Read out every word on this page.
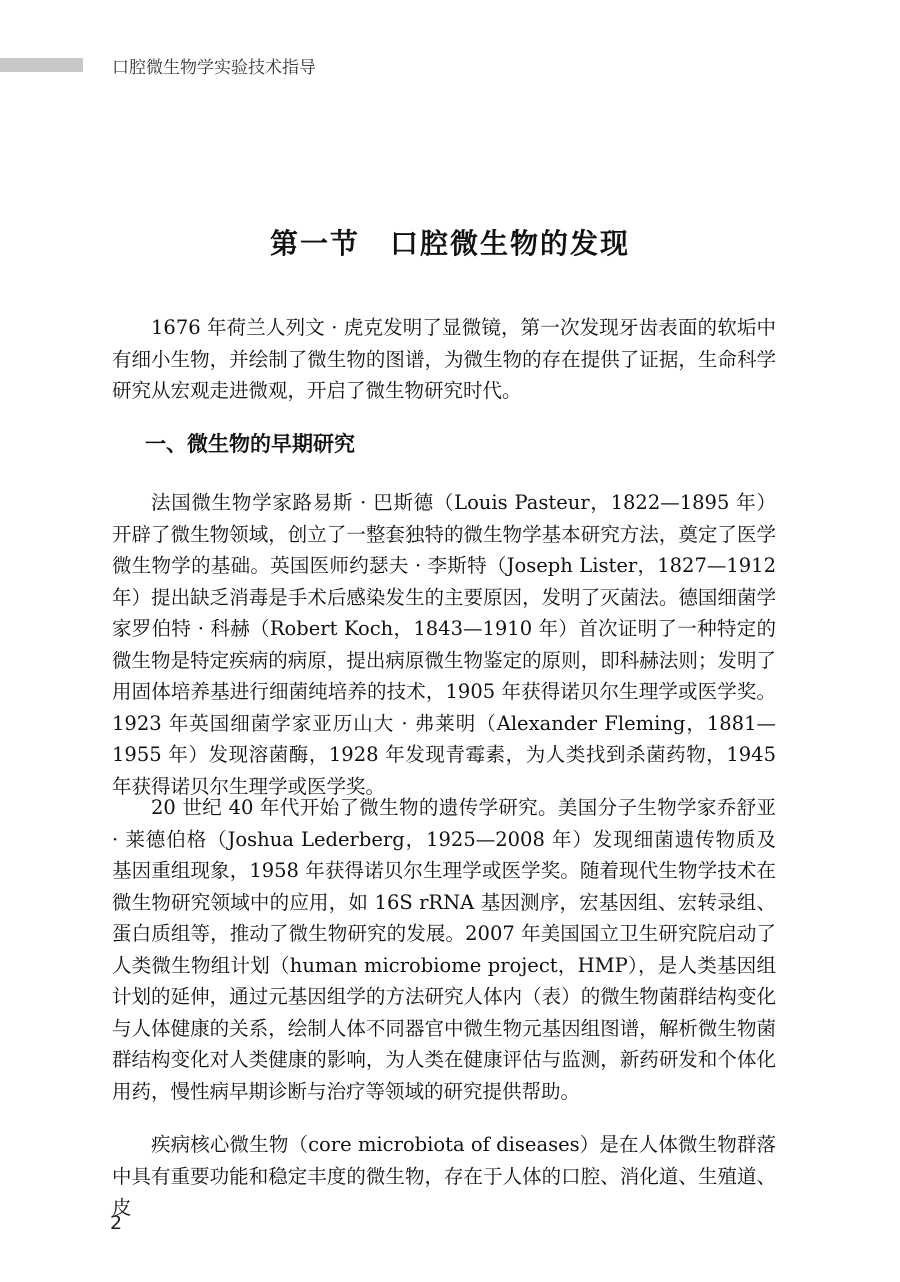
口腔微生物学实验技术指导
第一节　口腔微生物的发现

1676 年荷兰人列文 · 虎克发明了显微镜，第一次发现牙齿表面的软垢中有细小生物，并绘制了微生物的图谱，为微生物的存在提供了证据，生命科学研究从宏观走进微观，开启了微生物研究时代。

一、微生物的早期研究

法国微生物学家路易斯 · 巴斯德（Louis Pasteur，1822—1895 年）开辟了微生物领域，创立了一整套独特的微生物学基本研究方法，奠定了医学微生物学的基础。英国医师约瑟夫 · 李斯特（Joseph Lister，1827—1912 年）提出缺乏消毒是手术后感染发生的主要原因，发明了灭菌法。德国细菌学家罗伯特 · 科赫（Robert Koch，1843—1910 年）首次证明了一种特定的微生物是特定疾病的病原，提出病原微生物鉴定的原则，即科赫法则；发明了用固体培养基进行细菌纯培养的技术，1905 年获得诺贝尔生理学或医学奖。1923 年英国细菌学家亚历山大 · 弗莱明（Alexander Fleming，1881—1955 年）发现溶菌酶，1928 年发现青霉素，为人类找到杀菌药物，1945 年获得诺贝尔生理学或医学奖。

20 世纪 40 年代开始了微生物的遗传学研究。美国分子生物学家乔舒亚 · 莱德伯格（Joshua Lederberg，1925—2008 年）发现细菌遗传物质及基因重组现象，1958 年获得诺贝尔生理学或医学奖。随着现代生物学技术在微生物研究领域中的应用，如 16S rRNA 基因测序，宏基因组、宏转录组、蛋白质组等，推动了微生物研究的发展。2007 年美国国立卫生研究院启动了人类微生物组计划（human microbiome project，HMP），是人类基因组计划的延伸，通过元基因组学的方法研究人体内（表）的微生物菌群结构变化与人体健康的关系，绘制人体不同器官中微生物元基因组图谱，解析微生物菌群结构变化对人类健康的影响，为人类在健康评估与监测，新药研发和个体化用药，慢性病早期诊断与治疗等领域的研究提供帮助。

疾病核心微生物（core microbiota of diseases）是在人体微生物群落中具有重要功能和稳定丰度的微生物，存在于人体的口腔、消化道、生殖道、皮

2
